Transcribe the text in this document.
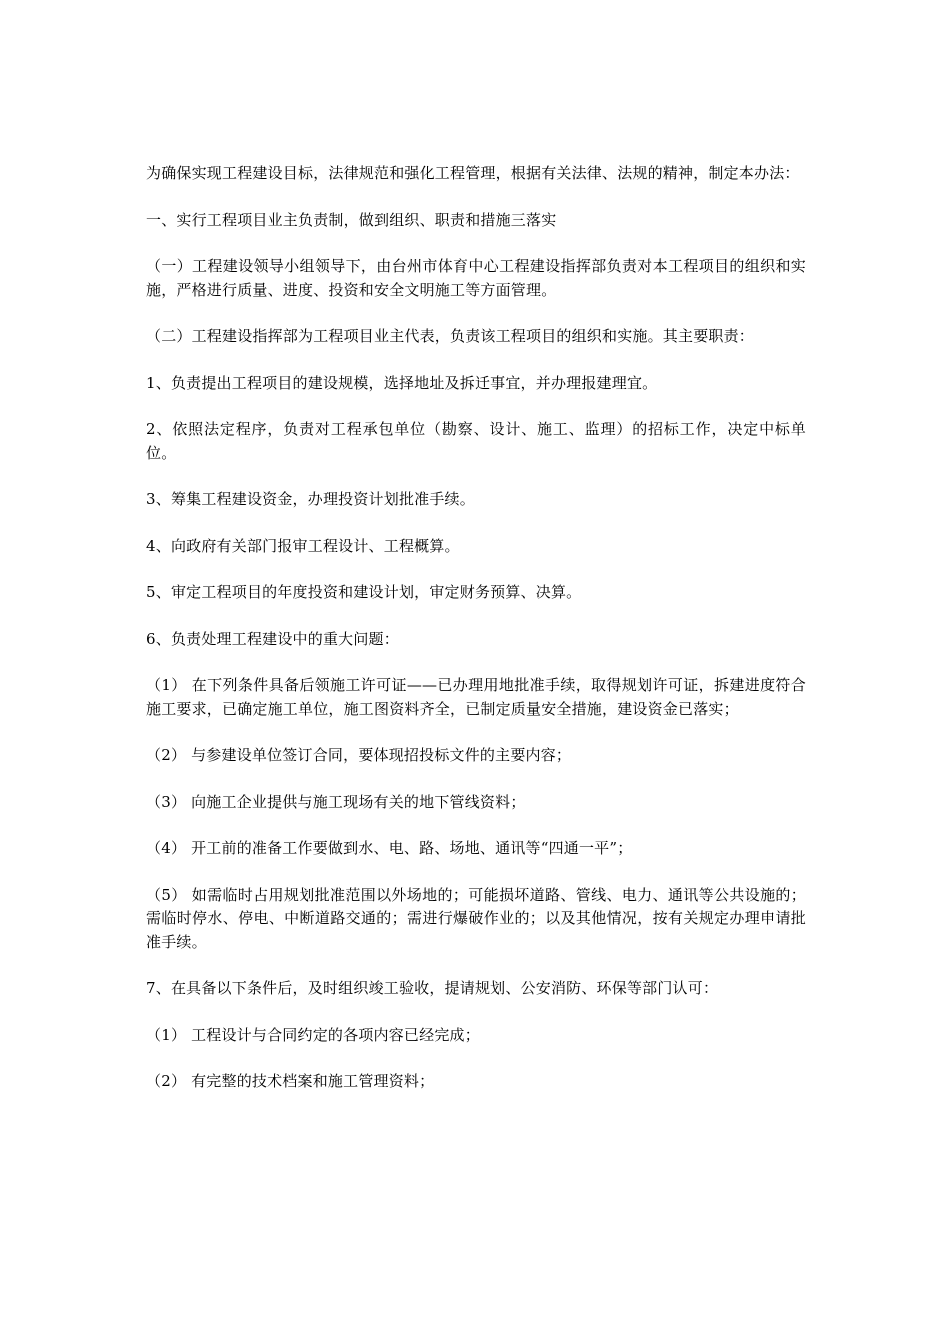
为确保实现工程建设目标，法律规范和强化工程管理，根据有关法律、法规的精神，制定本办法：

一、实行工程项目业主负责制，做到组织、职责和措施三落实

（一）工程建设领导小组领导下，由台州市体育中心工程建设指挥部负责对本工程项目的组织和实施，严格进行质量、进度、投资和安全文明施工等方面管理。

（二）工程建设指挥部为工程项目业主代表，负责该工程项目的组织和实施。其主要职责：

1、负责提出工程项目的建设规模，选择地址及拆迁事宜，并办理报建理宜。

2、依照法定程序，负责对工程承包单位（勘察、设计、施工、监理）的招标工作，决定中标单位。

3、筹集工程建设资金，办理投资计划批准手续。

4、向政府有关部门报审工程设计、工程概算。

5、审定工程项目的年度投资和建设计划，审定财务预算、决算。

6、负责处理工程建设中的重大问题：

（1） 在下列条件具备后领施工许可证——已办理用地批准手续，取得规划许可证，拆建进度符合施工要求，已确定施工单位，施工图资料齐全，已制定质量安全措施，建设资金已落实；

（2） 与参建设单位签订合同，要体现招投标文件的主要内容；

（3） 向施工企业提供与施工现场有关的地下管线资料；

（4） 开工前的准备工作要做到水、电、路、场地、通讯等“四通一平”；

（5） 如需临时占用规划批准范围以外场地的；可能损坏道路、管线、电力、通讯等公共设施的；需临时停水、停电、中断道路交通的；需进行爆破作业的；以及其他情况，按有关规定办理申请批准手续。

7、在具备以下条件后，及时组织竣工验收，提请规划、公安消防、环保等部门认可：

（1） 工程设计与合同约定的各项内容已经完成；

（2） 有完整的技术档案和施工管理资料；
